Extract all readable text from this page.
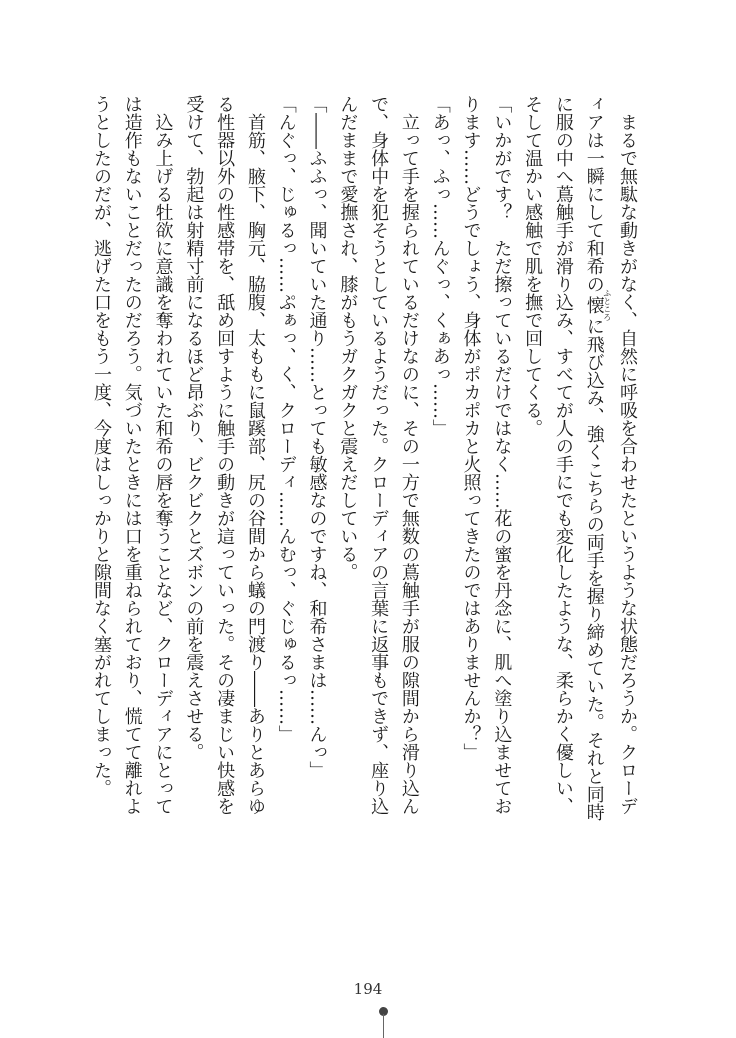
　まるで無駄な動きがなく、自然に呼吸を合わせたというような状態だろうか。クローデ
ィアは一瞬にして和希の懐ふところに飛び込み、強くこちらの両手を握り締めていた。それと同時
に服の中へ蔦触手が滑り込み、すべてが人の手にでも変化したような、柔らかく優しい、
そして温かい感触で肌を撫で回してくる。
「いかがです？　ただ擦っているだけではなく……花の蜜を丹念に、肌へ塗り込ませてお
ります……どうでしょう、身体がポカポカと火照ってきたのではありませんか？」
「あっ、ふっ……んぐっ、くぁあっ……」
　立って手を握られているだけなのに、その一方で無数の蔦触手が服の隙間から滑り込ん
で、身体中を犯そうとしているようだった。クローディアの言葉に返事もできず、座り込
んだままで愛撫され、膝がもうガクガクと震えだしている。
「――ふふっ、聞いていた通り……とっても敏感なのですね、和希さまは……んっ」
「んぐっ、じゅるっ……ぷぁっ、く、クローディ……んむっ、ぐじゅるっ……」
　首筋、腋下、胸元、脇腹、太ももに鼠蹊部、尻の谷間から蟻の門渡り――ありとあらゆ
る性器以外の性感帯を、舐め回すように触手の動きが這っていった。その凄まじい快感を
受けて、勃起は射精寸前になるほど昂ぶり、ビクビクとズボンの前を震えさせる。
　込み上げる牡欲に意識を奪われていた和希の唇を奪うことなど、クローディアにとって
は造作もないことだったのだろう。気づいたときには口を重ねられており、慌てて離れよ
うとしたのだが、逃げた口をもう一度、今度はしっかりと隙間なく塞がれてしまった。
194
